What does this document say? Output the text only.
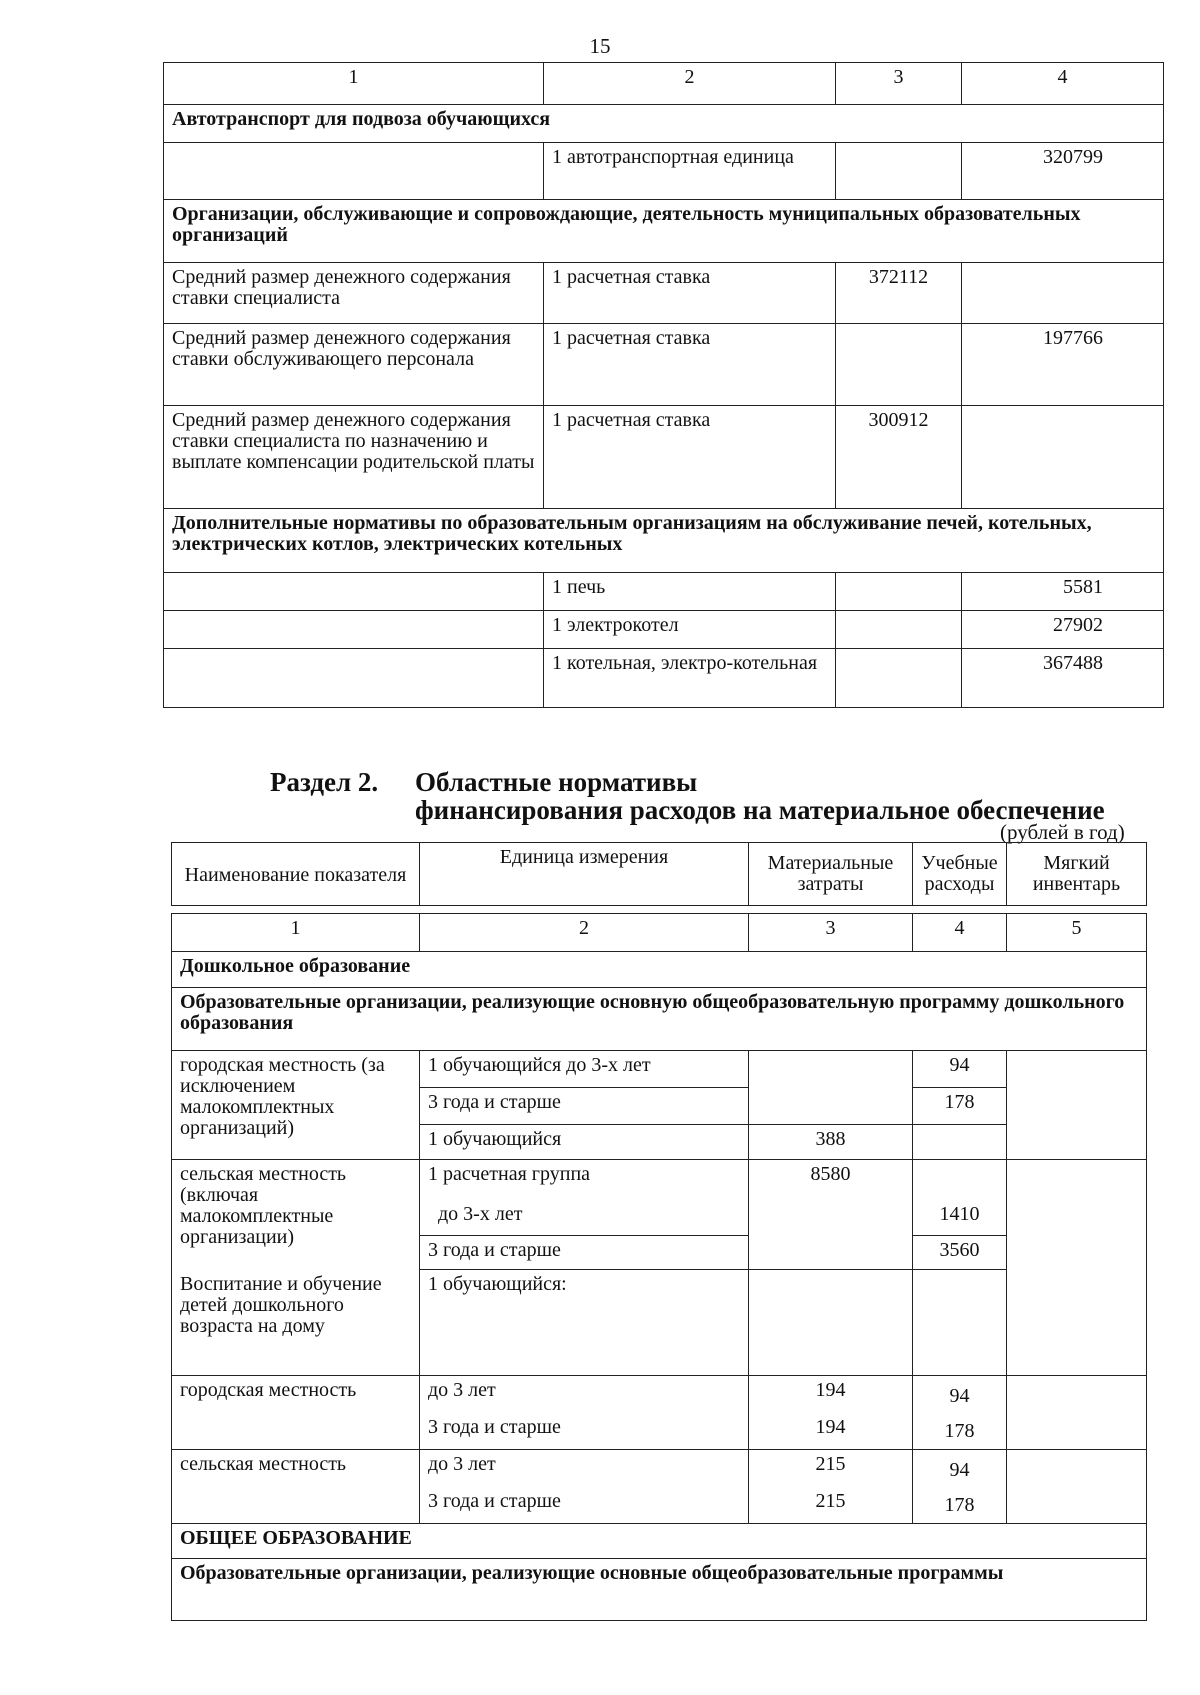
15
1	2	3	4
Автотранспорт для подвоза обучающихся			
	1 автотранспортная единица		320799
Организации, обслуживающие и сопровождающие, деятельность муниципальных образовательных организаций			
Средний размер денежного содержания ставки специалиста	1 расчетная ставка	372112	
Средний размер денежного содержания ставки обслуживающего персонала	1 расчетная ставка		197766
Средний размер денежного содержания ставки специалиста по назначению и выплате компенсации родительской платы	1 расчетная ставка	300912	
Дополнительные нормативы по образовательным организациям на обслуживание печей, котельных, электрических котлов, электрических котельных			
	1 печь		5581
	1 электрокотел		27902
	1 котельная, электро-котельная		367488
Раздел 2. Областные нормативы
финансирования расходов на материальное обеспечение
(рублей в год)
Наименование показателя	Единица измерения	Материальные затраты	Учебные расходы	Мягкий инвентарь

1	2	3	4	5
Дошкольное образование				
Образовательные организации, реализующие основную общеобразовательную программу дошкольного образования				
городская местность (за исключением малокомплектных организаций)	1 обучающийся до 3-х лет		94	
	3 года и старше		178	
	1 обучающийся	388		
сельская местность (включая малокомплектные организации)	1 расчетная группа	8580		
	до 3-х лет		1410	
	3 года и старше		3560	
Воспитание и обучение детей дошкольного возраста на дому	1 обучающийся:			
городская местность	до 3 лет	194	94	
	3 года и старше	194	178	
сельская местность	до 3 лет	215	94	
	3 года и старше	215	178	
ОБЩЕЕ ОБРАЗОВАНИЕ				
Образовательные организации, реализующие основные общеобразовательные программы				
